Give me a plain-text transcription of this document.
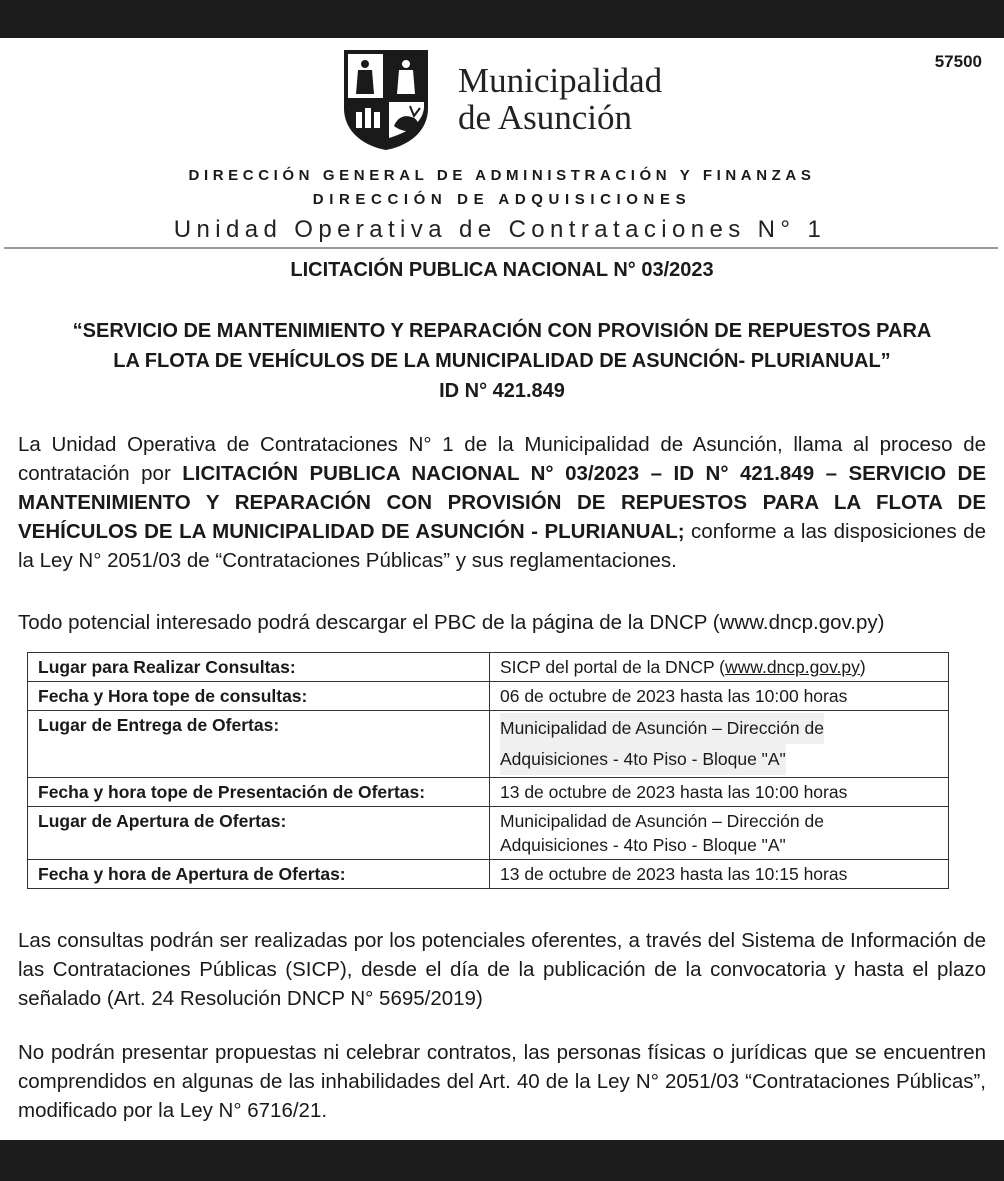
57500
Municipalidad
de Asunción
DIRECCIÓN GENERAL DE ADMINISTRACIÓN Y FINANZAS
DIRECCIÓN DE ADQUISICIONES
Unidad Operativa de Contrataciones N° 1
LICITACIÓN PUBLICA NACIONAL N° 03/2023
“SERVICIO DE MANTENIMIENTO Y REPARACIÓN CON PROVISIÓN DE REPUESTOS PARA
LA FLOTA DE VEHÍCULOS DE LA MUNICIPALIDAD DE ASUNCIÓN- PLURIANUAL”
ID N° 421.849
La Unidad Operativa de Contrataciones N° 1 de la Municipalidad de Asunción, llama al proceso de contratación por LICITACIÓN PUBLICA NACIONAL N° 03/2023 – ID N° 421.849 – SERVICIO DE MANTENIMIENTO Y REPARACIÓN CON PROVISIÓN DE REPUESTOS PARA LA FLOTA DE VEHÍCULOS DE LA MUNICIPALIDAD DE ASUNCIÓN - PLURIANUAL; conforme a las disposiciones de la Ley N° 2051/03 de “Contrataciones Públicas” y sus reglamentaciones.
Todo potencial interesado podrá descargar el PBC de la página de la DNCP (www.dncp.gov.py)
Lugar para Realizar Consultas:	SICP del portal de la DNCP (www.dncp.gov.py)
Fecha y Hora tope de consultas:	06 de octubre de 2023 hasta las 10:00 horas
Lugar de Entrega de Ofertas:	Municipalidad de Asunción – Dirección de
Adquisiciones - 4to Piso - Bloque "A"
Fecha y hora tope de Presentación de Ofertas:	13 de octubre de 2023 hasta las 10:00 horas
Lugar de Apertura de Ofertas:	Municipalidad de Asunción – Dirección de
Adquisiciones - 4to Piso - Bloque "A"
Fecha y hora de Apertura de Ofertas:	13 de octubre de 2023 hasta las 10:15 horas
Las consultas podrán ser realizadas por los potenciales oferentes, a través del Sistema de Información de las Contrataciones Públicas (SICP), desde el día de la publicación de la convocatoria y hasta el plazo señalado (Art. 24 Resolución DNCP N° 5695/2019)
No podrán presentar propuestas ni celebrar contratos, las personas físicas o jurídicas que se encuentren comprendidos en algunas de las inhabilidades del Art. 40 de la Ley N° 2051/03 “Contrataciones Públicas”, modificado por la Ley N° 6716/21.
